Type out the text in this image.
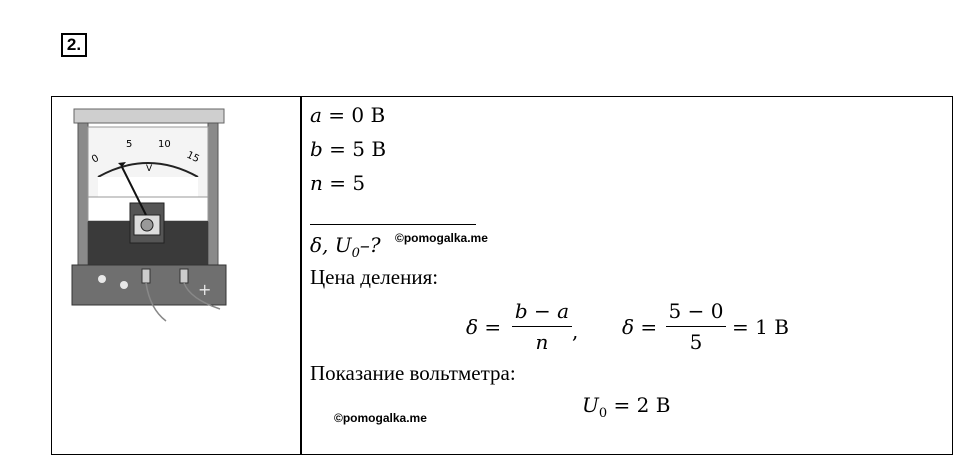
2.
+
0
5	10
15
V
a = 0 В
b = 5 В
n = 5
δ, $U_0-$? ©pomogalka.me
Цена деления:
δ =
b − a
n	, δ =
5 − 0
5
= 1 В
Показание вольтметра:
$U_0 = 2$ В
©pomogalka.me
